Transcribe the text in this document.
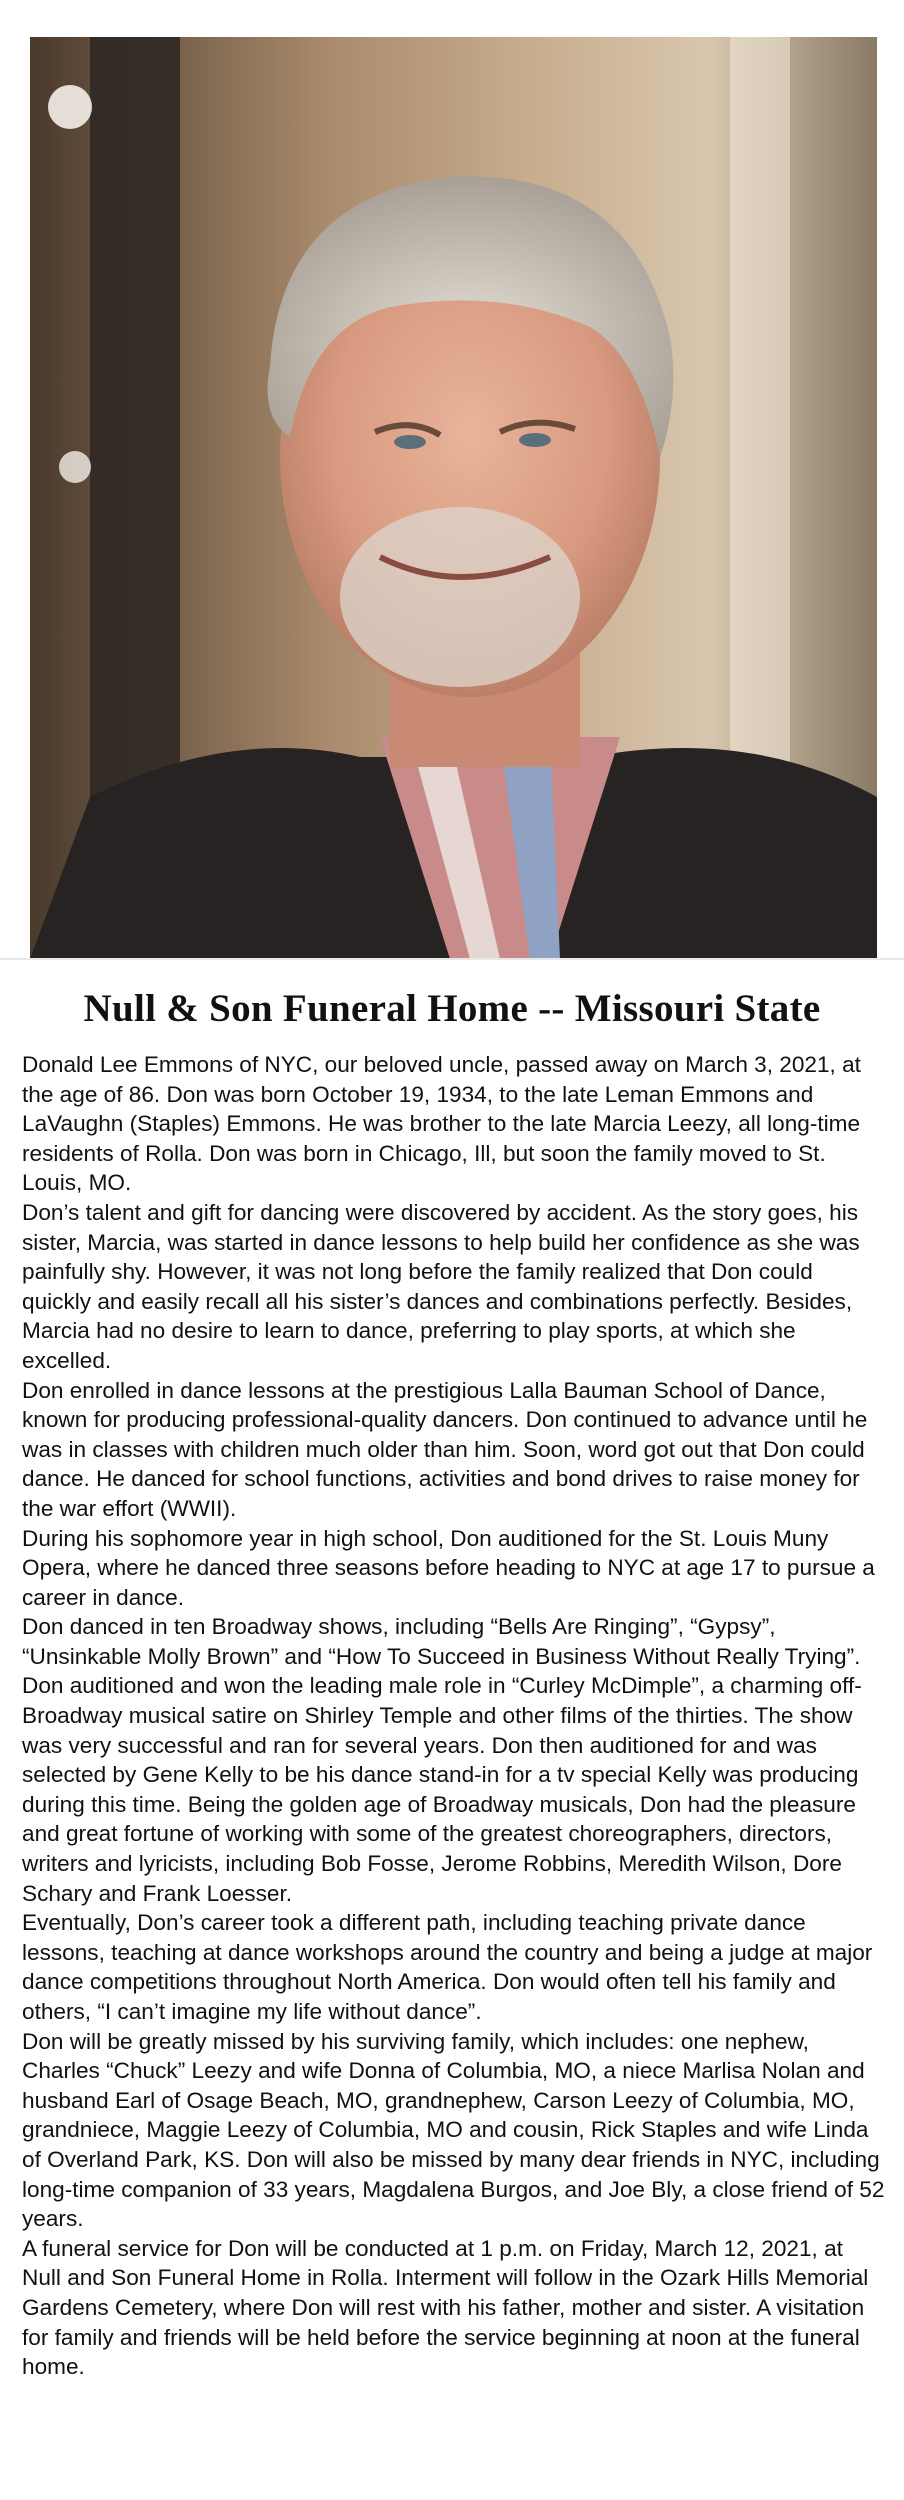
Null & Son Funeral Home -- Missouri State

Donald Lee Emmons of NYC, our beloved uncle, passed away on March 3, 2021, at the age of 86. Don was born October 19, 1934, to the late Leman Emmons and LaVaughn (Staples) Emmons. He was brother to the late Marcia Leezy, all long-time residents of Rolla. Don was born in Chicago, Ill, but soon the family moved to St. Louis, MO.

Don’s talent and gift for dancing were discovered by accident. As the story goes, his sister, Marcia, was started in dance lessons to help build her confidence as she was painfully shy. However, it was not long before the family realized that Don could quickly and easily recall all his sister’s dances and combinations perfectly. Besides, Marcia had no desire to learn to dance, preferring to play sports, at which she excelled.

Don enrolled in dance lessons at the prestigious Lalla Bauman School of Dance, known for producing professional-quality dancers. Don continued to advance until he was in classes with children much older than him. Soon, word got out that Don could dance. He danced for school functions, activities and bond drives to raise money for the war effort (WWII).

During his sophomore year in high school, Don auditioned for the St. Louis Muny Opera, where he danced three seasons before heading to NYC at age 17 to pursue a career in dance.

Don danced in ten Broadway shows, including “Bells Are Ringing”, “Gypsy”, “Unsinkable Molly Brown” and “How To Succeed in Business Without Really Trying”. Don auditioned and won the leading male role in “Curley McDimple”, a charming off-Broadway musical satire on Shirley Temple and other films of the thirties. The show was very successful and ran for several years. Don then auditioned for and was selected by Gene Kelly to be his dance stand-in for a tv special Kelly was producing during this time. Being the golden age of Broadway musicals, Don had the pleasure and great fortune of working with some of the greatest choreographers, directors, writers and lyricists, including Bob Fosse, Jerome Robbins, Meredith Wilson, Dore Schary and Frank Loesser.

Eventually, Don’s career took a different path, including teaching private dance lessons, teaching at dance workshops around the country and being a judge at major dance competitions throughout North America. Don would often tell his family and others, “I can’t imagine my life without dance”.

Don will be greatly missed by his surviving family, which includes: one nephew, Charles “Chuck” Leezy and wife Donna of Columbia, MO, a niece Marlisa Nolan and husband Earl of Osage Beach, MO, grandnephew, Carson Leezy of Columbia, MO, grandniece, Maggie Leezy of Columbia, MO and cousin, Rick Staples and wife Linda of Overland Park, KS. Don will also be missed by many dear friends in NYC, including long-time companion of 33 years, Magdalena Burgos, and Joe Bly, a close friend of 52 years.

A funeral service for Don will be conducted at 1 p.m. on Friday, March 12, 2021, at Null and Son Funeral Home in Rolla. Interment will follow in the Ozark Hills Memorial Gardens Cemetery, where Don will rest with his father, mother and sister. A visitation for family and friends will be held before the service beginning at noon at the funeral home.
